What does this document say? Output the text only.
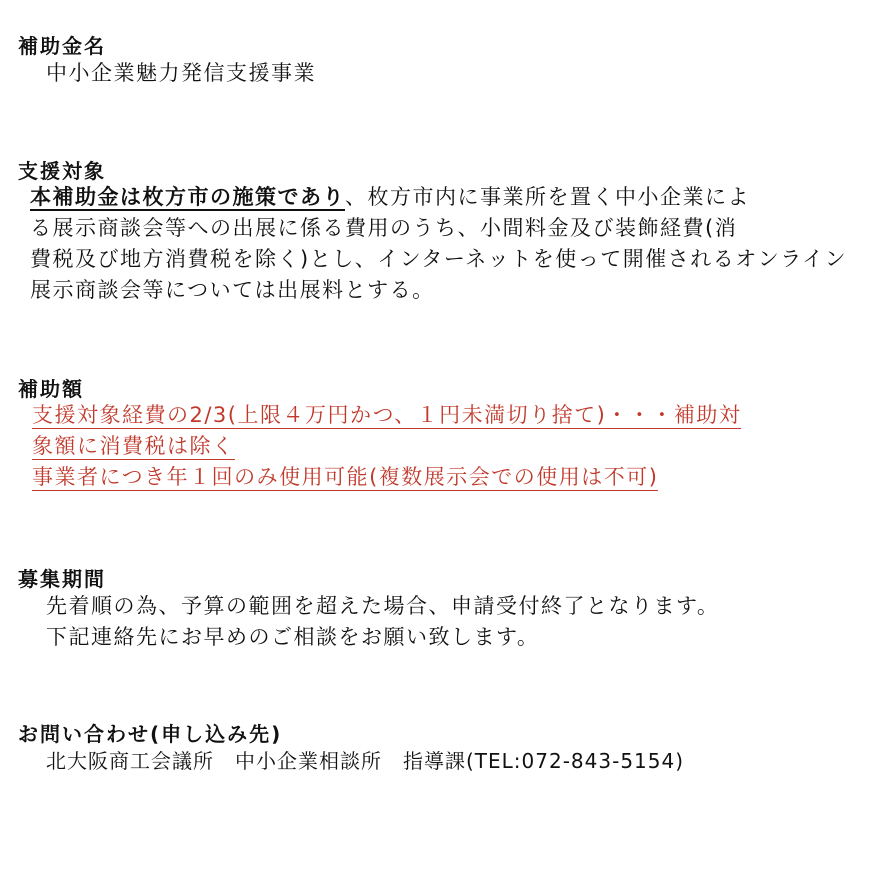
補助金名
中小企業魅力発信支援事業
支援対象
本補助金は枚方市の施策であり、枚方市内に事業所を置く中小企業によ
る展示商談会等への出展に係る費用のうち、小間料金及び装飾経費(消
費税及び地方消費税を除く)とし、インターネットを使って開催されるオンライン
展示商談会等については出展料とする。
補助額
支援対象経費の2/3(上限４万円かつ、１円未満切り捨て)・・・補助対
象額に消費税は除く
事業者につき年１回のみ使用可能(複数展示会での使用は不可)
募集期間
先着順の為、予算の範囲を超えた場合、申請受付終了となります。
下記連絡先にお早めのご相談をお願い致します。
お問い合わせ(申し込み先)
北大阪商工会議所　中小企業相談所　指導課(TEL:072-843-5154)
